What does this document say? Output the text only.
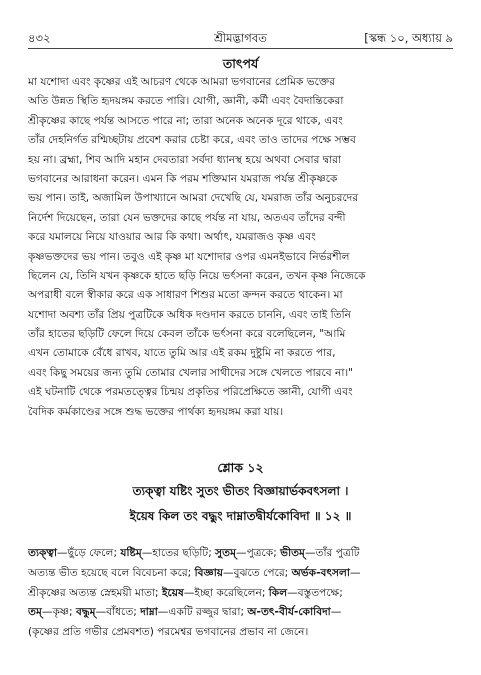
৪৩২	শ্রীমদ্ভাগবত	[স্কন্ধ ১০, অধ্যায় ৯
তাৎপর্য
মা যশোদা এবং কৃষ্ণের এই আচরণ থেকে আমরা ভগবানের প্রেমিক ভক্তের
অতি উন্নত স্থিতি হৃদয়ঙ্গম করতে পারি। যোগী, জ্ঞানী, কর্মী এবং বৈদান্তিকেরা
শ্রীকৃষ্ণের কাছে পর্যন্ত আসতে পারে না; তারা অনেক অনেক দূরে থাকে, এবং
তাঁর দেহনির্গত রশ্মিচ্ছটায় প্রবেশ করার চেষ্টা করে, এবং তাও তাদের পক্ষে সম্ভব
হয় না। ব্রহ্মা, শিব আদি মহান দেবতারা সর্বদা ধ্যানস্থ হয়ে অথবা সেবার দ্বারা
ভগবানের আরাধনা করেন। এমন কি পরম শক্তিমান যমরাজ পর্যন্ত শ্রীকৃষ্ণকে
ভয় পান। তাই, অজামিল উপাখ্যানে আমরা দেখেছি যে, যমরাজ তাঁর অনুচরদের
নির্দেশ দিয়েছেন, তারা যেন ভক্তদের কাছে পর্যন্ত না যায়, অতএব তাঁদের বন্দী
করে যমালয়ে নিয়ে যাওয়ার আর কি কথা। অর্থাৎ, যমরাজও কৃষ্ণ এবং
কৃষ্ণভক্তদের ভয় পান। তবুও এই কৃষ্ণ মা যশোদার ওপর এমনইভাবে নির্ভরশীল
ছিলেন যে, তিনি যখন কৃষ্ণকে হাতে ছড়ি নিয়ে ভর্ৎসনা করেন, তখন কৃষ্ণ নিজেকে
অপরাধী বলে স্বীকার করে এক সাধারণ শিশুর মতো ক্রন্দন করতে থাকেন। মা
যশোদা অবশ্য তাঁর প্রিয় পুত্রটিকে অধিক দণ্ডদান করতে চাননি, এবং তাই তিনি
তাঁর হাতের ছড়িটি ফেলে দিয়ে কেবল তাঁকে ভর্ৎসনা করে বলেছিলেন, "আমি
এখন তোমাকে বেঁধে রাখব, যাতে তুমি আর এই রকম দুষ্টুমি না করতে পার,
এবং কিছু সময়ের জন্য তুমি তোমার খেলার সাথীদের সঙ্গে খেলতে পারবে না।"
এই ঘটনাটি থেকে পরমতত্ত্বের চিন্ময় প্রকৃতির পরিপ্রেক্ষিতে জ্ঞানী, যোগী এবং
বৈদিক কর্মকাণ্ডের সঙ্গে শুদ্ধ ভক্তের পার্থক্য হৃদয়ঙ্গম করা যায়।
শ্লোক ১২
ত্যক্ত্বা যষ্টিং সুতং ভীতং বিজ্ঞায়ার্ভকবৎসলা ।
ইয়েষ কিল তং বদ্ধুং দাম্নাতদ্বীর্যকোবিদা ॥ ১২ ॥
ত্যক্ত্বা—ছুঁড়ে ফেলে; যষ্টিম্—হাতের ছড়িটি; সুতম্—পুত্রকে; ভীতম্—তাঁর পুত্রটি
অত্যন্ত ভীত হয়েছে বলে বিবেচনা করে; বিজ্ঞায়—বুঝতে পেরে; অর্ভক-বৎসলা—
শ্রীকৃষ্ণের অত্যন্ত স্নেহময়ী মাতা; ইয়েষ—ইচ্ছা করেছিলেন; কিল—বস্তুতপক্ষে;
তম্—কৃষ্ণ; বদ্ধুম্—বাঁধতে; দাম্না—একটি রজ্জুর দ্বারা; অ-তৎ-বীর্য-কোবিদা—
(কৃষ্ণের প্রতি গভীর প্রেমবশত) পরমেশ্বর ভগবানের প্রভাব না জেনে।
